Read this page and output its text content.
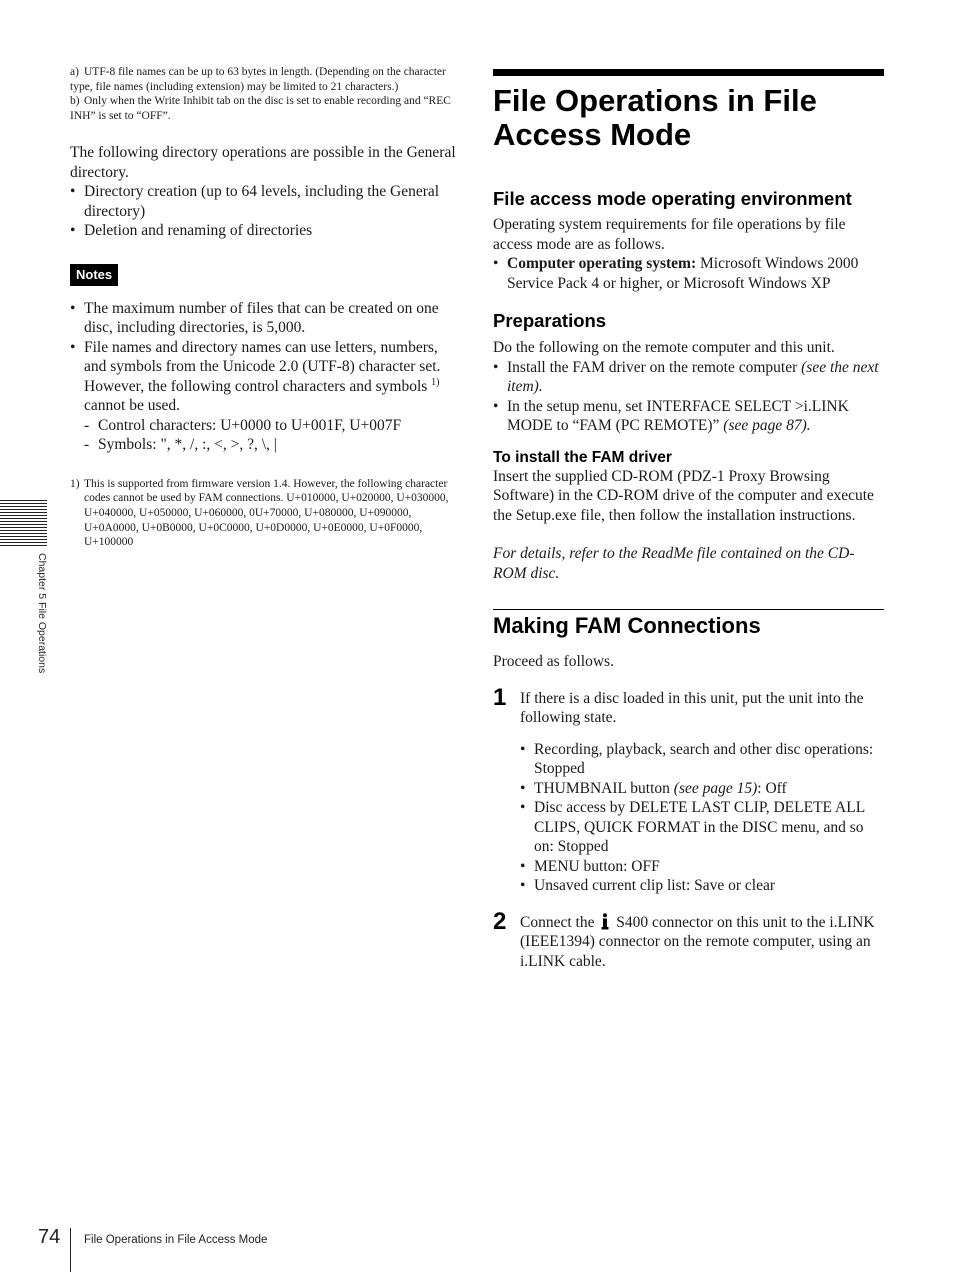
a) UTF-8 file names can be up to 63 bytes in length. (Depending on the character type, file names (including extension) may be limited to 21 characters.)

b) Only when the Write Inhibit tab on the disc is set to enable recording and “REC INH” is set to “OFF”.

The following directory operations are possible in the General directory.

• Directory creation (up to 64 levels, including the General directory)
• Deletion and renaming of directories
Notes
• The maximum number of files that can be created on one disc, including directories, is 5,000.
• File names and directory names can use letters, numbers, and symbols from the Unicode 2.0 (UTF-8) character set.
However, the following control characters and symbols $^{1)}$ cannot be used.
- Control characters: U+0000 to U+001F, U+007F
- Symbols: ", *, /, :, <, >, ?, \, |

1) This is supported from firmware version 1.4. However, the following character codes cannot be used by FAM connections. U+010000, U+020000, U+030000, U+040000, U+050000, U+060000, 0U+70000, U+080000, U+090000, U+0A0000, U+0B0000, U+0C0000, U+0D0000, U+0E0000, U+0F0000, U+100000

File Operations in File Access Mode
File access mode operating environment

Operating system requirements for file operations by file access mode are as follows.

• Computer operating system: Microsoft Windows 2000 Service Pack 4 or higher, or Microsoft Windows XP
Preparations

Do the following on the remote computer and this unit.

• Install the FAM driver on the remote computer (see the next item).
• In the setup menu, set INTERFACE SELECT >i.LINK MODE to “FAM (PC REMOTE)” (see page 87).
To install the FAM driver

Insert the supplied CD-ROM (PDZ-1 Proxy Browsing Software) in the CD-ROM drive of the computer and execute the Setup.exe file, then follow the installation instructions.

For details, refer to the ReadMe file contained on the CD-ROM disc.

Making FAM Connections

Proceed as follows.

1 If there is a disc loaded in this unit, put the unit into the following state.

• Recording, playback, search and other disc operations: Stopped
• THUMBNAIL button (see page 15): Off
• Disc access by DELETE LAST CLIP, DELETE ALL CLIPS, QUICK FORMAT in the DISC menu, and so on: Stopped
• MENU button: OFF
• Unsaved current clip list: Save or clear
2 Connect the S400 connector on this unit to the i.LINK (IEEE1394) connector on the remote computer, using an i.LINK cable.

Chapter 5 File Operations
74 File Operations in File Access Mode
